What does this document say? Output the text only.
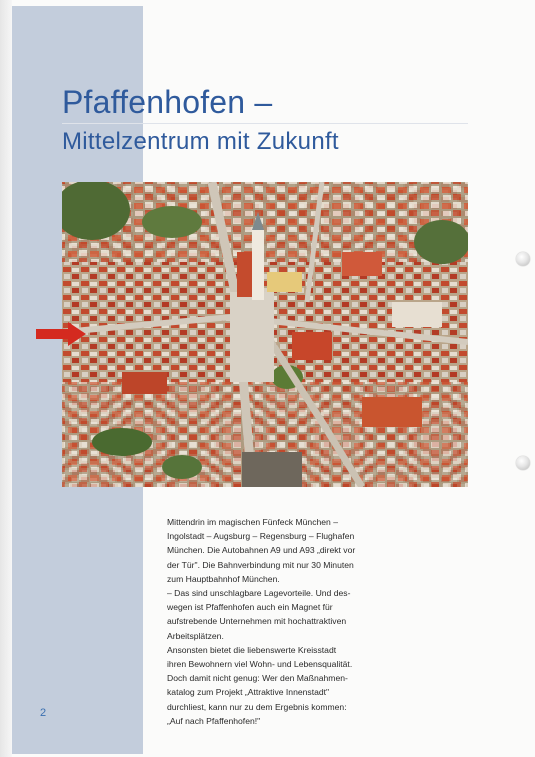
Pfaffenhofen –
Mittelzentrum mit Zukunft
Mittendrin im magischen Fünfeck München –
Ingolstadt – Augsburg – Regensburg – Flughafen
München. Die Autobahnen A9 und A93 „direkt vor
der Tür". Die Bahnverbindung mit nur 30 Minuten
zum Hauptbahnhof München.
– Das sind unschlagbare Lagevorteile. Und des-
wegen ist Pfaffenhofen auch ein Magnet für
aufstrebende Unternehmen mit hochattraktiven
Arbeitsplätzen.
Ansonsten bietet die liebenswerte Kreisstadt
ihren Bewohnern viel Wohn- und Lebensqualität.
Doch damit nicht genug: Wer den Maßnahmen-
katalog zum Projekt „Attraktive Innenstadt"
durchliest, kann nur zu dem Ergebnis kommen:
„Auf nach Pfaffenhofen!"
2
